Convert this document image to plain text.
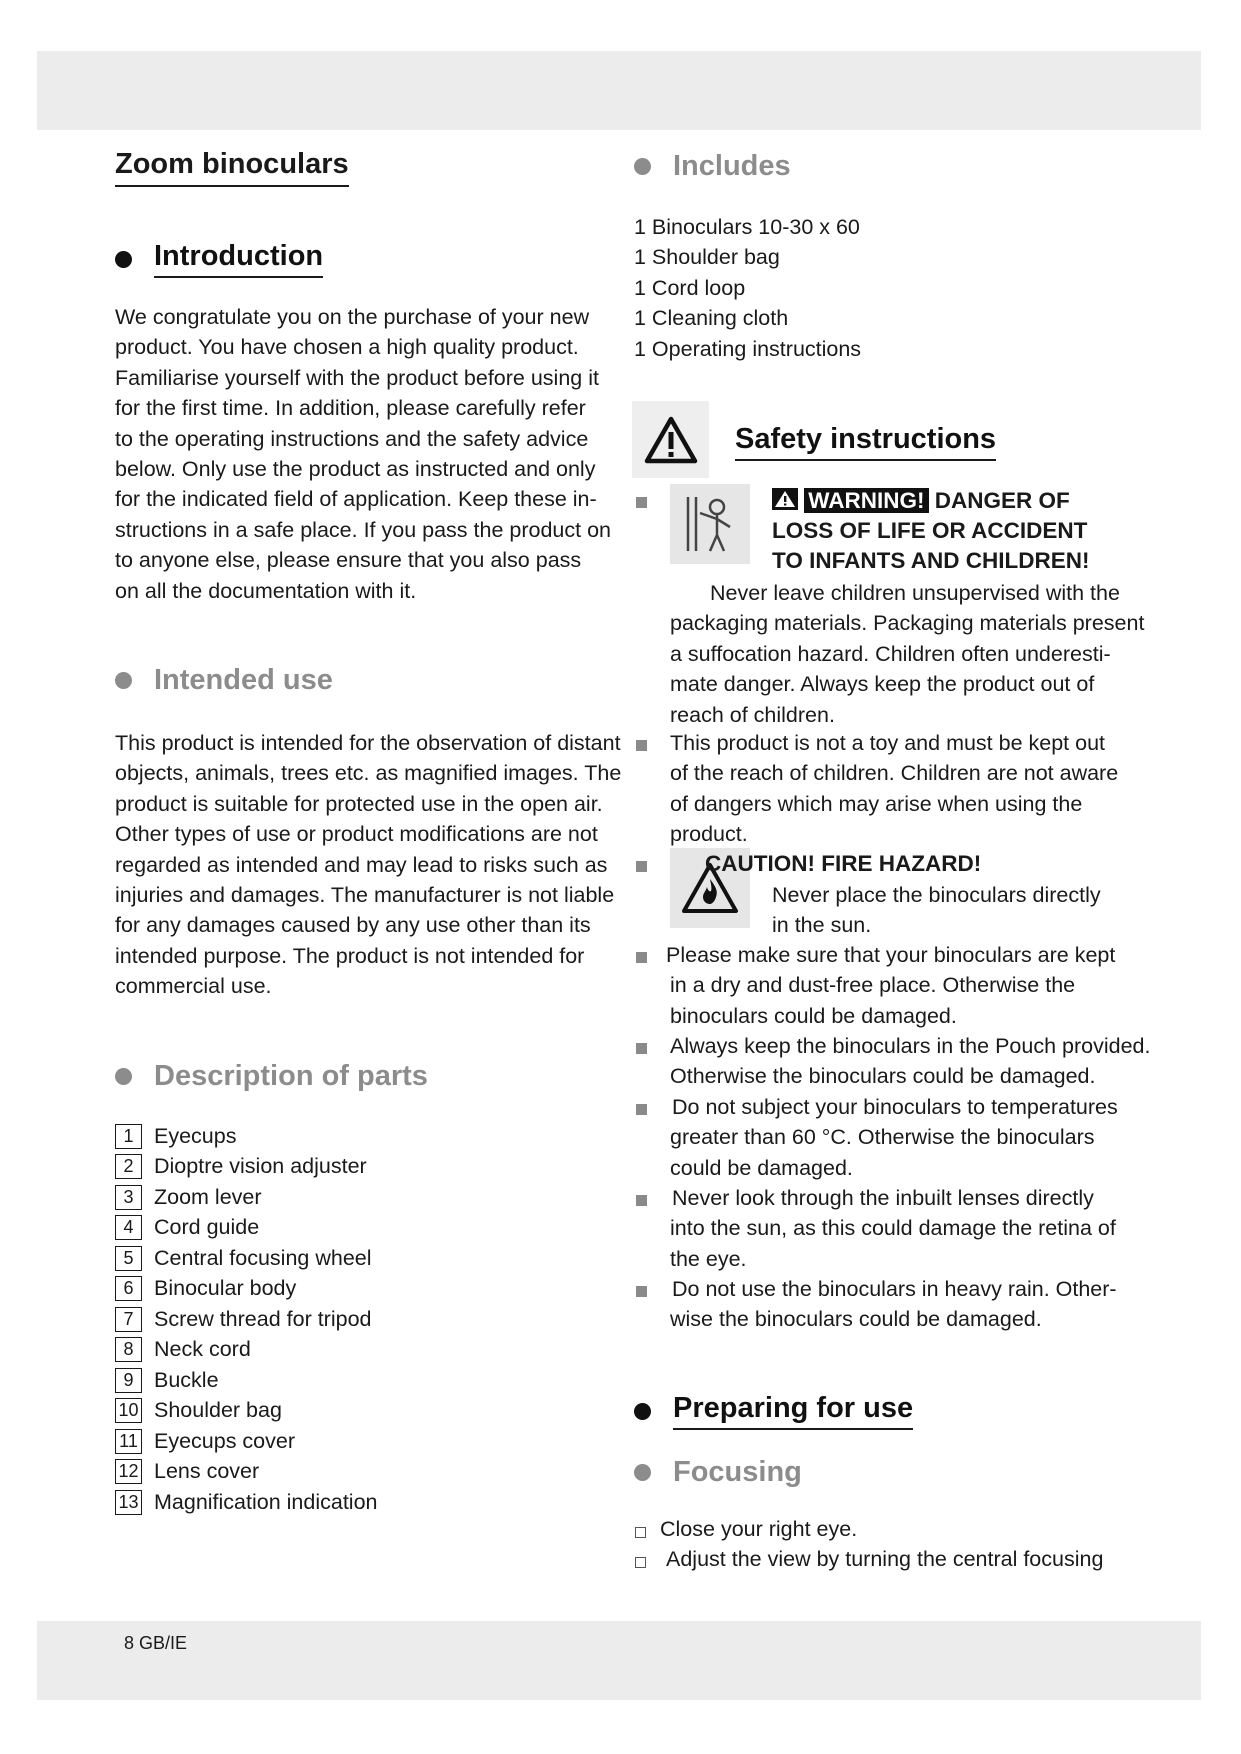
8 GB/IE
Zoom binoculars
Introduction

We congratulate you on the purchase of your new
product. You have chosen a high quality product.
Familiarise yourself with the product before using it
for the first time. In addition, please carefully refer
to the operating instructions and the safety advice
below. Only use the product as instructed and only
for the indicated field of application. Keep these in-
structions in a safe place. If you pass the product on
to anyone else, please ensure that you also pass
on all the documentation with it.

Intended use

This product is intended for the observation of distant
objects, animals, trees etc. as magnified images. The
product is suitable for protected use in the open air.
Other types of use or product modifications are not
regarded as intended and may lead to risks such as
injuries and damages. The manufacturer is not liable
for any damages caused by any use other than its
intended purpose. The product is not intended for
commercial use.

Description of parts
1 Eyecups
2 Dioptre vision adjuster
3 Zoom lever
4 Cord guide
5 Central focusing wheel
6 Binocular body
7 Screw thread for tripod
8 Neck cord
9 Buckle
10 Shoulder bag
11 Eyecups cover
12 Lens cover
13 Magnification indication
Includes
1 Binoculars 10-30 x 60
1 Shoulder bag
1 Cord loop
1 Cleaning cloth
1 Operating instructions
Safety instructions
WARNING! DANGER OF
LOSS OF LIFE OR ACCIDENT
TO INFANTS AND CHILDREN!

Never leave children unsupervised with the
packaging materials. Packaging materials present
a suffocation hazard. Children often underesti-
mate danger. Always keep the product out of
reach of children.

This product is not a toy and must be kept out
of the reach of children. Children are not aware
of dangers which may arise when using the
product.

CAUTION! FIRE HAZARD!

Never place the binoculars directly
in the sun.

Please make sure that your binoculars are kept
in a dry and dust-free place. Otherwise the
binoculars could be damaged.

Always keep the binoculars in the Pouch provided.
Otherwise the binoculars could be damaged.

Do not subject your binoculars to temperatures
greater than 60 °C. Otherwise the binoculars
could be damaged.

Never look through the inbuilt lenses directly
into the sun, as this could damage the retina of
the eye.

Do not use the binoculars in heavy rain. Other-
wise the binoculars could be damaged.

Preparing for use
Focusing
Close your right eye.
Adjust the view by turning the central focusing
